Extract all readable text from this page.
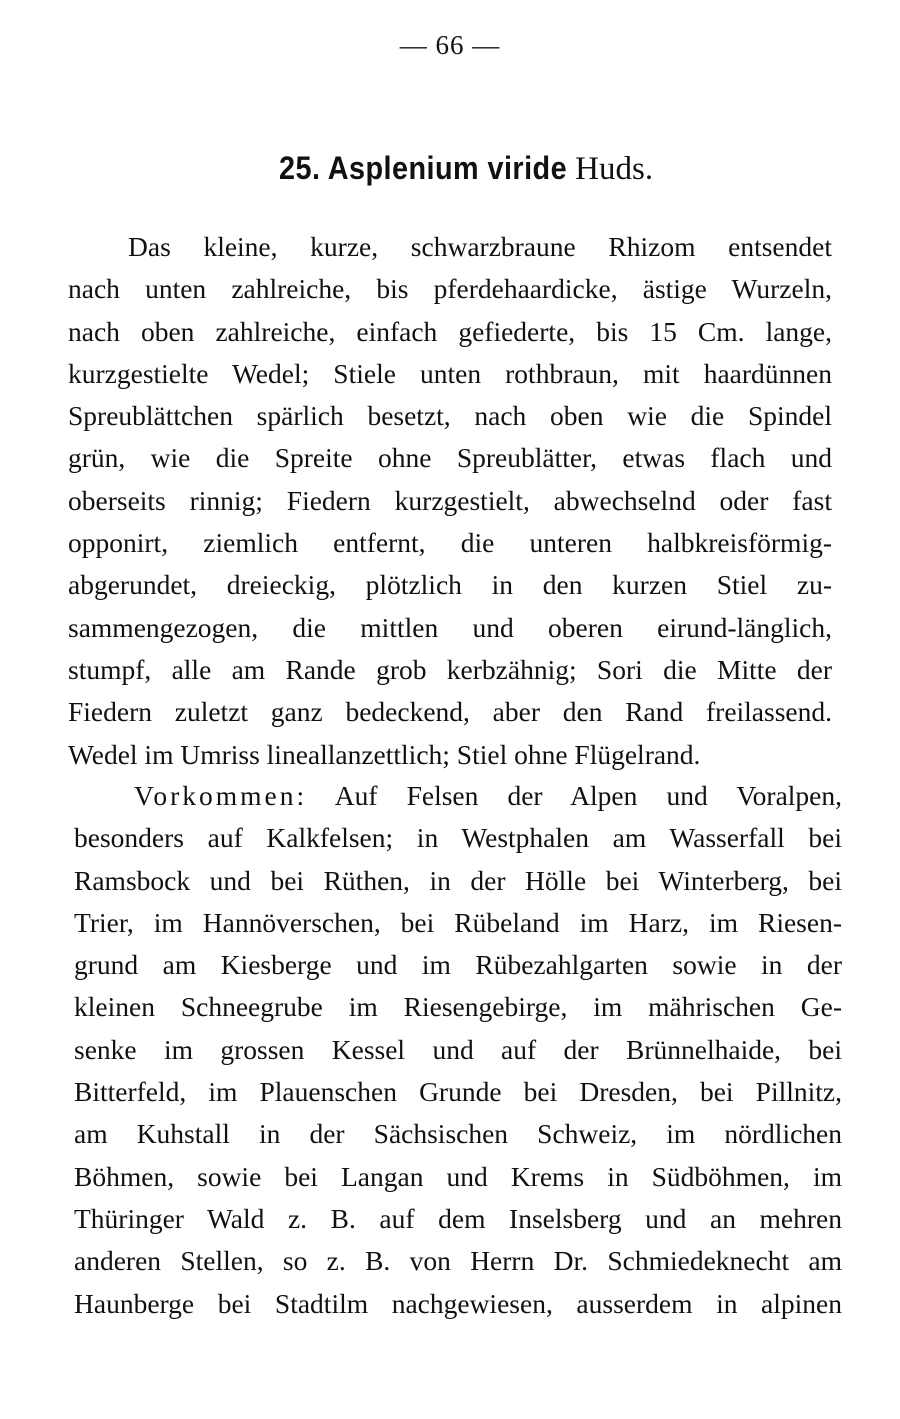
— 66 —
25. Asplenium viride Huds.
Das kleine, kurze, schwarzbraune Rhizom entsendet
nach unten zahlreiche, bis pferdehaardicke, ästige Wurzeln,
nach oben zahlreiche, einfach gefiederte, bis 15 Cm. lange,
kurzgestielte Wedel; Stiele unten rothbraun, mit haardünnen
Spreublättchen spärlich besetzt, nach oben wie die Spindel
grün, wie die Spreite ohne Spreublätter, etwas flach und
oberseits rinnig; Fiedern kurzgestielt, abwechselnd oder fast
opponirt, ziemlich entfernt, die unteren halbkreisförmig-
abgerundet, dreieckig, plötzlich in den kurzen Stiel zu-
sammengezogen, die mittlen und oberen eirund-länglich,
stumpf, alle am Rande grob kerbzähnig; Sori die Mitte der
Fiedern zuletzt ganz bedeckend, aber den Rand freilassend.
Wedel im Umriss lineallanzettlich; Stiel ohne Flügelrand.
Vorkommen: Auf Felsen der Alpen und Voralpen,
besonders auf Kalkfelsen; in Westphalen am Wasserfall bei
Ramsbock und bei Rüthen, in der Hölle bei Winterberg, bei
Trier, im Hannöverschen, bei Rübeland im Harz, im Riesen-
grund am Kiesberge und im Rübezahlgarten sowie in der
kleinen Schneegrube im Riesengebirge, im mährischen Ge-
senke im grossen Kessel und auf der Brünnelhaide, bei
Bitterfeld, im Plauenschen Grunde bei Dresden, bei Pillnitz,
am Kuhstall in der Sächsischen Schweiz, im nördlichen
Böhmen, sowie bei Langan und Krems in Südböhmen, im
Thüringer Wald z. B. auf dem Inselsberg und an mehren
anderen Stellen, so z. B. von Herrn Dr. Schmiedeknecht am
Haunberge bei Stadtilm nachgewiesen, ausserdem in alpinen
